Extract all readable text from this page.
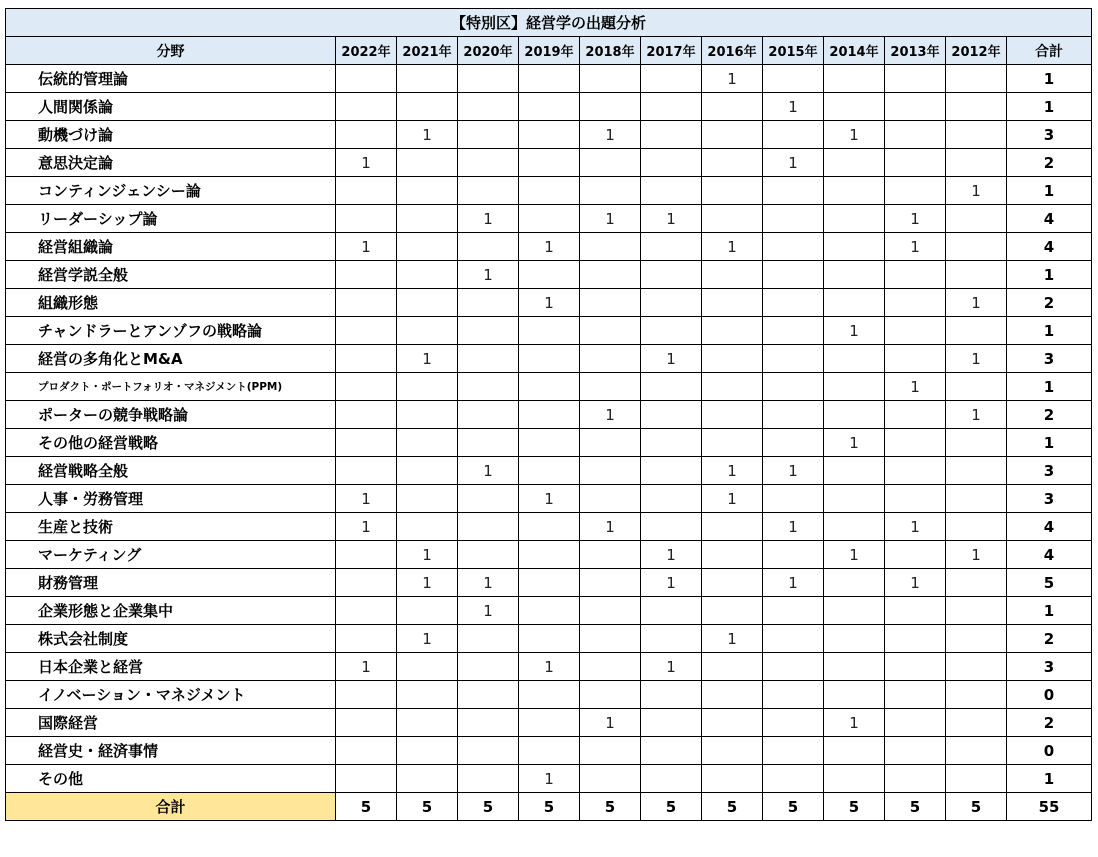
【特別区】経営学の出題分析												
分野	2022年	2021年	2020年	2019年	2018年	2017年	2016年	2015年	2014年	2013年	2012年	合計
伝統的管理論							1					1
人間関係論								1				1
動機づけ論		1			1				1			3
意思決定論	1							1				2
コンティンジェンシー論											1	1
リーダーシップ論			1		1	1				1		4
経営組織論	1			1			1			1		4
経営学説全般			1									1
組織形態				1							1	2
チャンドラーとアンゾフの戦略論									1			1
経営の多角化とM&A		1				1					1	3
プロダクト・ポートフォリオ・マネジメント(PPM)										1		1
ポーターの競争戦略論					1						1	2
その他の経営戦略									1			1
経営戦略全般			1				1	1				3
人事・労務管理	1			1			1					3
生産と技術	1				1			1		1		4
マーケティング		1				1			1		1	4
財務管理		1	1			1		1		1		5
企業形態と企業集中			1									1
株式会社制度		1					1					2
日本企業と経営	1			1		1						3
イノベーション・マネジメント												0
国際経営					1				1			2
経営史・経済事情												0
その他				1								1
合計	5	5	5	5	5	5	5	5	5	5	5	55
